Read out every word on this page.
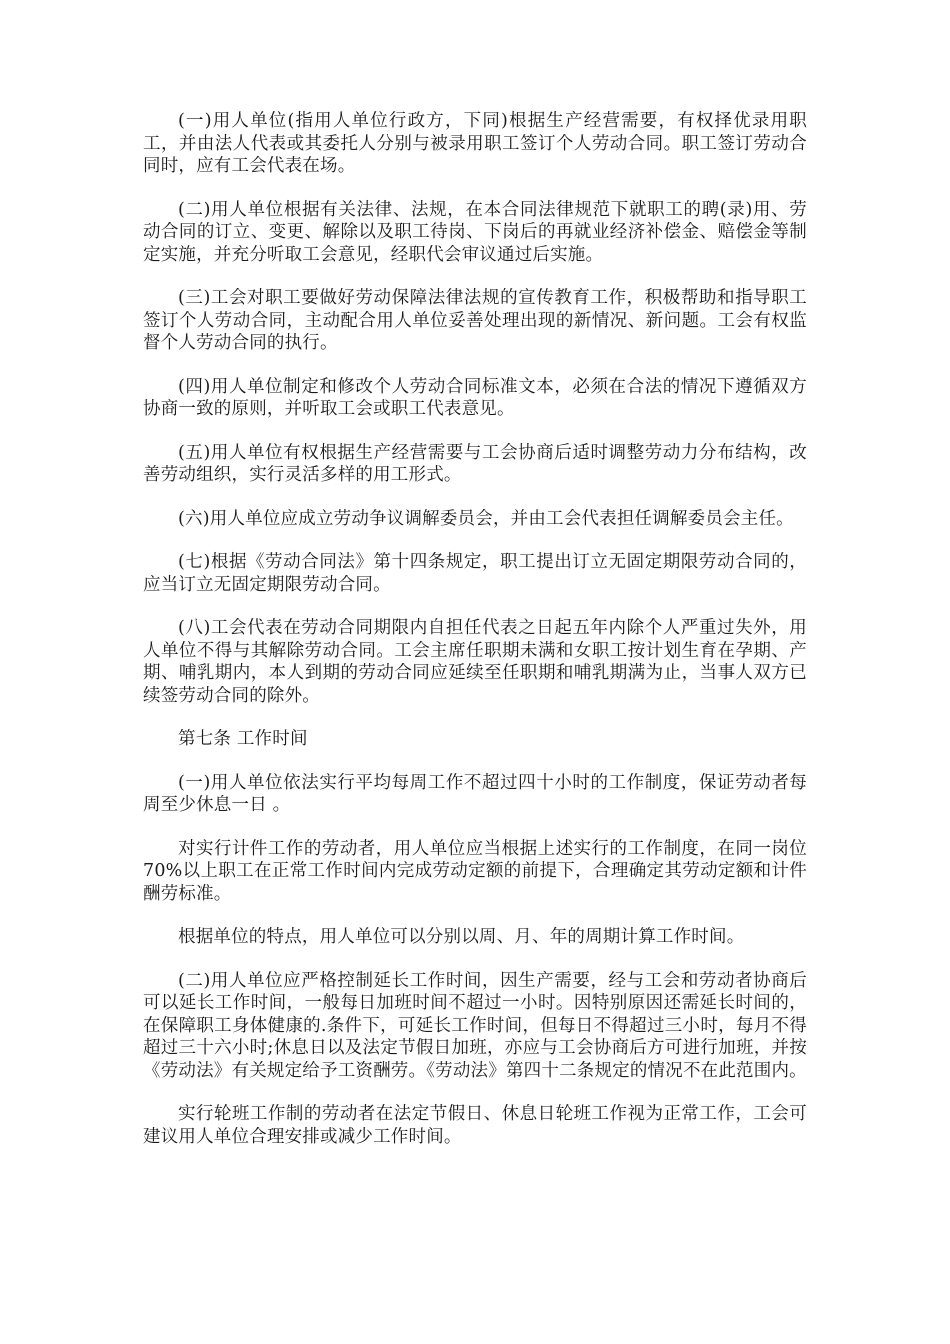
(一)用人单位(指用人单位行政方，下同)根据生产经营需要，有权择优录用职工，并由法人代表或其委托人分别与被录用职工签订个人劳动合同。职工签订劳动合同时，应有工会代表在场。

(二)用人单位根据有关法律、法规，在本合同法律规范下就职工的聘(录)用、劳动合同的订立、变更、解除以及职工待岗、下岗后的再就业经济补偿金、赔偿金等制定实施，并充分听取工会意见，经职代会审议通过后实施。

(三)工会对职工要做好劳动保障法律法规的宣传教育工作，积极帮助和指导职工签订个人劳动合同，主动配合用人单位妥善处理出现的新情况、新问题。工会有权监督个人劳动合同的执行。

(四)用人单位制定和修改个人劳动合同标准文本，必须在合法的情况下遵循双方协商一致的原则，并听取工会或职工代表意见。

(五)用人单位有权根据生产经营需要与工会协商后适时调整劳动力分布结构，改善劳动组织，实行灵活多样的用工形式。

(六)用人单位应成立劳动争议调解委员会，并由工会代表担任调解委员会主任。

(七)根据《劳动合同法》第十四条规定，职工提出订立无固定期限劳动合同的，应当订立无固定期限劳动合同。

(八)工会代表在劳动合同期限内自担任代表之日起五年内除个人严重过失外，用人单位不得与其解除劳动合同。工会主席任职期未满和女职工按计划生育在孕期、产期、哺乳期内，本人到期的劳动合同应延续至任职期和哺乳期满为止，当事人双方已续签劳动合同的除外。

第七条 工作时间

(一)用人单位依法实行平均每周工作不超过四十小时的工作制度，保证劳动者每周至少休息一日 。

对实行计件工作的劳动者，用人单位应当根据上述实行的工作制度，在同一岗位70%以上职工在正常工作时间内完成劳动定额的前提下，合理确定其劳动定额和计件酬劳标准。

根据单位的特点，用人单位可以分别以周、月、年的周期计算工作时间。

(二)用人单位应严格控制延长工作时间，因生产需要，经与工会和劳动者协商后可以延长工作时间，一般每日加班时间不超过一小时。因特别原因还需延长时间的，在保障职工身体健康的.条件下，可延长工作时间，但每日不得超过三小时，每月不得超过三十六小时;休息日以及法定节假日加班，亦应与工会协商后方可进行加班，并按《劳动法》有关规定给予工资酬劳。《劳动法》第四十二条规定的情况不在此范围内。

实行轮班工作制的劳动者在法定节假日、休息日轮班工作视为正常工作，工会可建议用人单位合理安排或减少工作时间。
